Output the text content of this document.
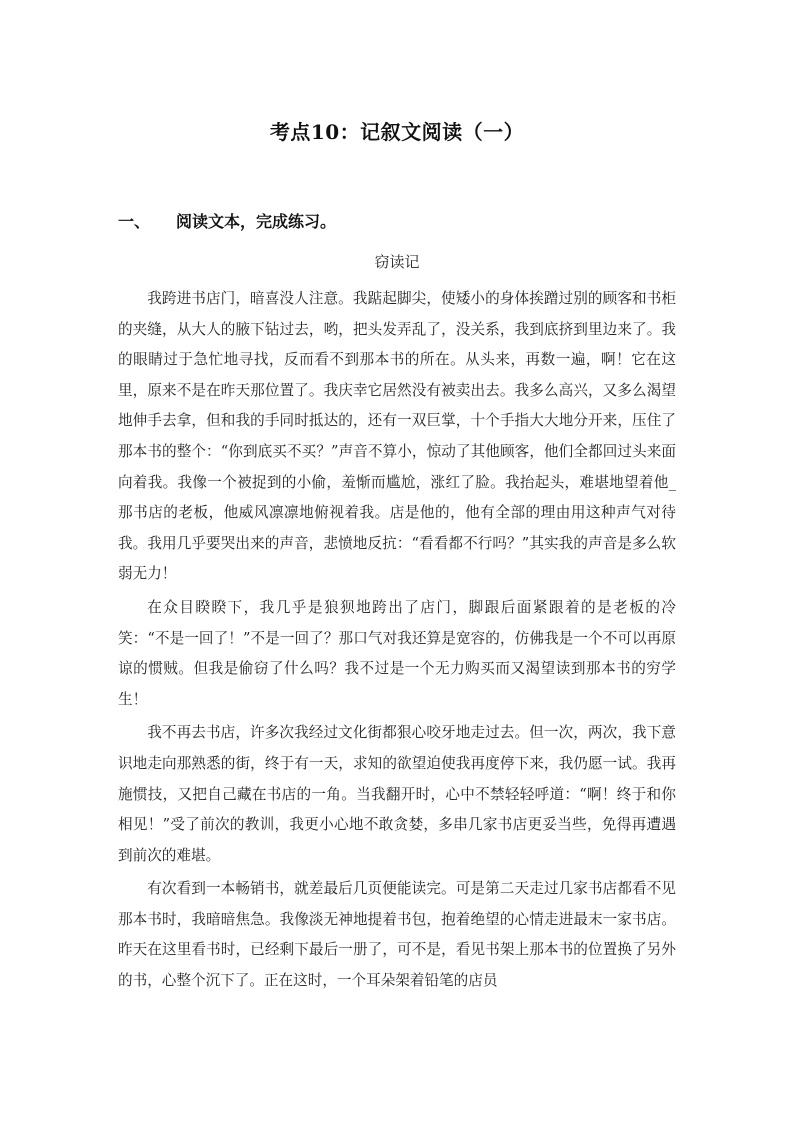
考点10：记叙文阅读（一）
一、 阅读文本，完成练习。
窃读记

我跨进书店门，暗喜没人注意。我踮起脚尖，使矮小的身体挨蹭过别的顾客和书柜的夹缝，从大人的腋下钻过去，哟，把头发弄乱了，没关系，我到底挤到里边来了。我的眼睛过于急忙地寻找，反而看不到那本书的所在。从头来，再数一遍，啊！它在这里，原来不是在昨天那位置了。我庆幸它居然没有被卖出去。我多么高兴，又多么渴望地伸手去拿，但和我的手同时抵达的，还有一双巨掌，十个手指大大地分开来，压住了那本书的整个：“你到底买不买？”声音不算小，惊动了其他顾客，他们全都回过头来面向着我。我像一个被捉到的小偷，羞惭而尴尬，涨红了脸。我抬起头，难堪地望着他_那书店的老板，他威风凛凛地俯视着我。店是他的，他有全部的理由用这种声气对待我。我用几乎要哭出来的声音，悲愤地反抗：“看看都不行吗？”其实我的声音是多么软弱无力！

在众目睽睽下，我几乎是狼狈地跨出了店门，脚跟后面紧跟着的是老板的冷笑：“不是一回了！”不是一回了？那口气对我还算是宽容的，仿佛我是一个不可以再原谅的惯贼。但我是偷窃了什么吗？我不过是一个无力购买而又渴望读到那本书的穷学生！

我不再去书店，许多次我经过文化街都狠心咬牙地走过去。但一次，两次，我下意识地走向那熟悉的街，终于有一天，求知的欲望迫使我再度停下来，我仍愿一试。我再施惯技，又把自己藏在书店的一角。当我翻开时，心中不禁轻轻呼道：“啊！终于和你相见！”受了前次的教训，我更小心地不敢贪婪，多串几家书店更妥当些，免得再遭遇到前次的难堪。

有次看到一本畅销书，就差最后几页便能读完。可是第二天走过几家书店都看不见那本书时，我暗暗焦急。我像淡无神地提着书包，抱着绝望的心情走进最末一家书店。昨天在这里看书时，已经剩下最后一册了，可不是，看见书架上那本书的位置换了另外的书，心整个沉下了。正在这时，一个耳朵架着铅笔的店员
